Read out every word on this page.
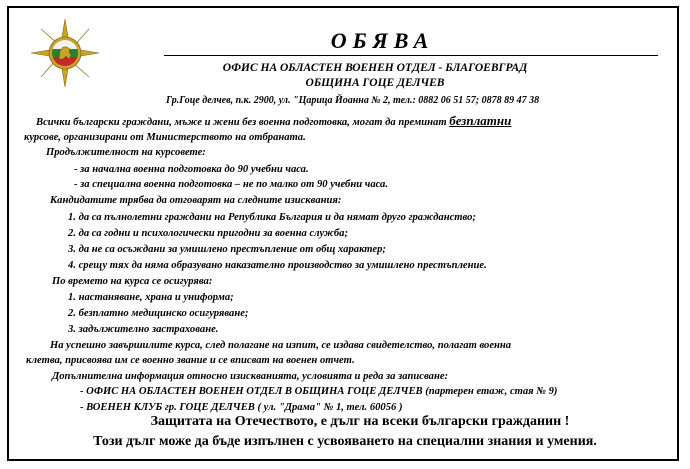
ОБЯВА
ОФИС НА ОБЛАСТЕН ВОЕНЕН ОТДЕЛ - БЛАГОЕВГРАД
ОБЩИНА ГОЦЕ ДЕЛЧЕВ
Гр.Гоце делчев, п.к. 2900, ул. "Царица Йоанна № 2, тел.: 0882 06 51 57; 0878 89 47 38
Всички български граждани, мъже и жени без военна подготовка, могат да преминат безплатни
курсове, организирани от Министерството на отбраната.
Продължителност на курсовете:
- за начална военна подготовка до 90 учебни часа.
- за специална военна подготовка – не по малко от 90 учебни часа.
Кандидатите трябва да отговарят на следните изисквания:
1. да са пълнолетни граждани на Република България и да нямат друго гражданство;
2. да са годни и психологически пригодни за военна служба;
3. да не са осъждани за умишлено престъпление от общ характер;
4. срещу тях да няма образувано наказателно производство за умишлено престъпление.
По времето на курса се осигурява:
1. настаняване, храна и униформа;
2. безплатно медицинско осигуряване;
3. задължително застраховане.
На успешно завършилите курса, след полагане на изпит, се издава свидетелство, полагат военна
клетва, присвоява им се военно звание и се вписват на военен отчет.
Допълнителна информация относно изискванията, условията и реда за записване:
- ОФИС НА ОБЛАСТЕН ВОЕНЕН ОТДЕЛ В ОБЩИНА ГОЦЕ ДЕЛЧЕВ (партерен етаж, стая № 9)
- ВОЕНЕН КЛУБ гр. ГОЦЕ ДЕЛЧЕВ ( ул. "Драма" № 1, тел. 60056 )
Защитата на Отечеството, е дълг на всеки български гражданин !
Този дълг може да бъде изпълнен с усвояването на специални знания и умения.
